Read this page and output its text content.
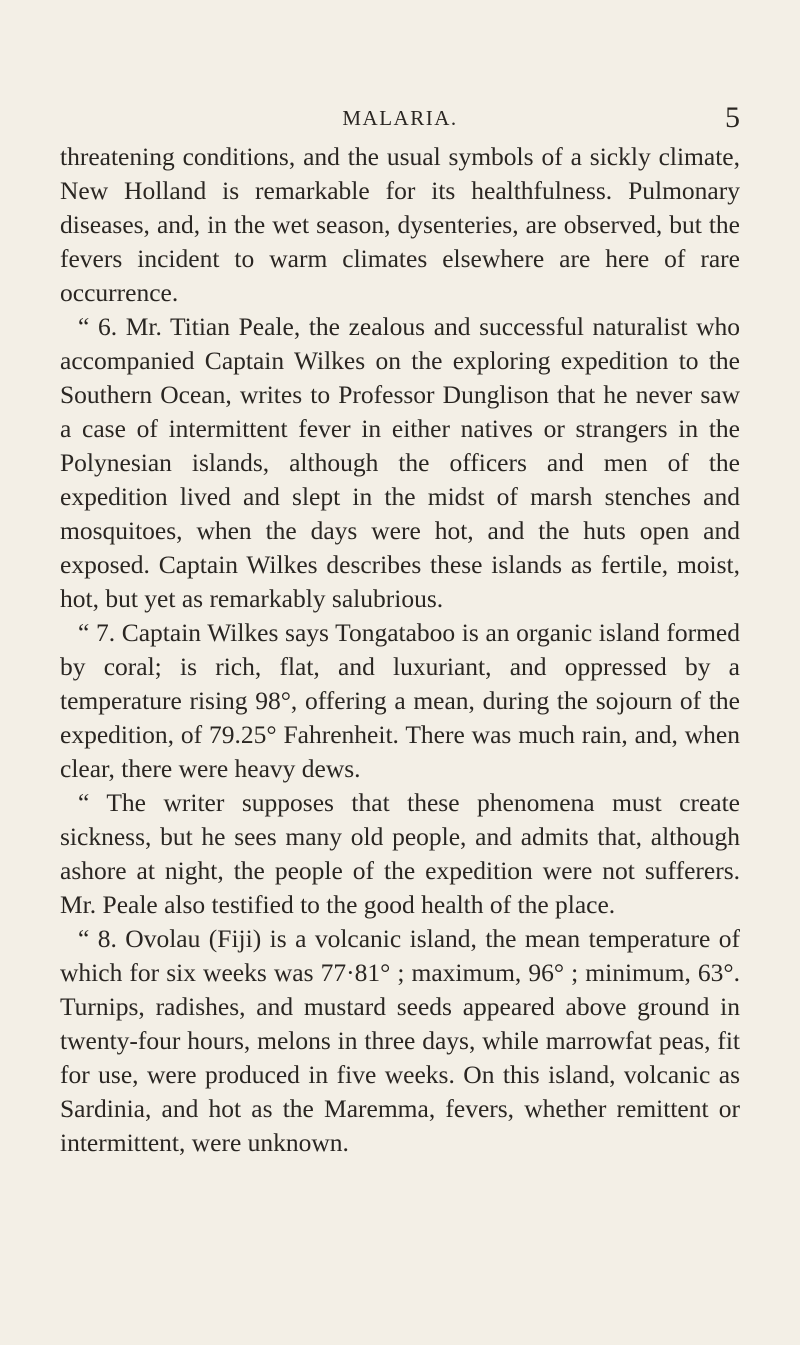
MALARIA.	5

threatening conditions, and the usual symbols of a sickly climate, New Holland is remarkable for its healthfulness. Pulmonary diseases, and, in the wet season, dysenteries, are observed, but the fevers incident to warm climates elsewhere are here of rare occurrence.

“ 6. Mr. Titian Peale, the zealous and successful naturalist who accompanied Captain Wilkes on the exploring expedition to the Southern Ocean, writes to Professor Dunglison that he never saw a case of intermittent fever in either natives or strangers in the Polynesian islands, although the officers and men of the expedition lived and slept in the midst of marsh stenches and mosquitoes, when the days were hot, and the huts open and exposed. Captain Wilkes describes these islands as fertile, moist, hot, but yet as remarkably salubrious.

“ 7. Captain Wilkes says Tongataboo is an organic island formed by coral; is rich, flat, and luxuriant, and oppressed by a temperature rising 98°, offering a mean, during the sojourn of the expedition, of 79.25° Fahrenheit. There was much rain, and, when clear, there were heavy dews.

“ The writer supposes that these phenomena must create sickness, but he sees many old people, and admits that, although ashore at night, the people of the expedition were not sufferers. Mr. Peale also testified to the good health of the place.

“ 8. Ovolau (Fiji) is a volcanic island, the mean temperature of which for six weeks was 77·81° ; maximum, 96° ; minimum, 63°. Turnips, radishes, and mustard seeds appeared above ground in twenty-four hours, melons in three days, while marrowfat peas, fit for use, were produced in five weeks. On this island, volcanic as Sardinia, and hot as the Maremma, fevers, whether remittent or intermittent, were unknown.
